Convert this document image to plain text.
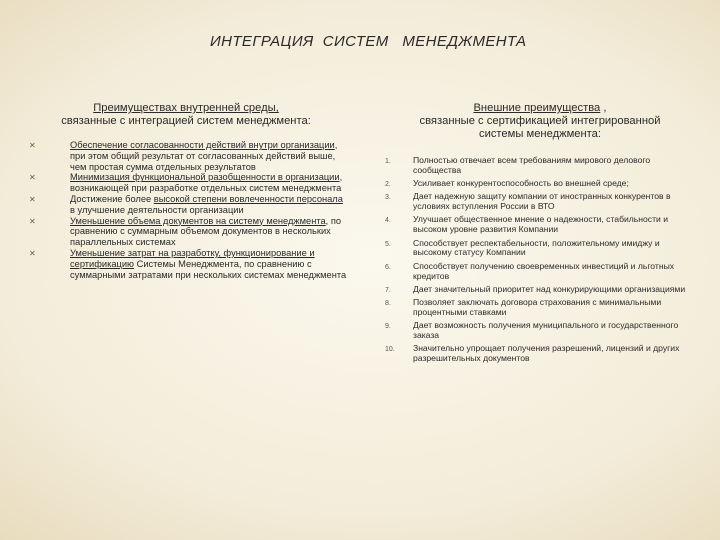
ИНТЕГРАЦИЯ  СИСТЕМ   МЕНЕДЖМЕНТА
Преимуществах внутренней среды,
связанные с интеграцией систем менеджмента:
✕	Обеспечение согласованности действий внутри организации, при этом общий результат от согласованных действий выше, чем простая сумма отдельных результатов
✕	Минимизация функциональной разобщенности в организации, возникающей при разработке отдельных систем менеджмента
✕	Достижение более высокой степени вовлеченности персонала в улучшение деятельности организации
✕	Уменьшение объема документов на систему менеджмента, по сравнению с суммарным объемом документов в нескольких параллельных системах
✕	Уменьшение затрат на разработку, функционирование и сертификацию Системы Менеджмента, по сравнению с суммарными затратами при нескольких системах менеджмента
Внешние преимущества ,
связанные с сертификацией интегрированной
системы менеджмента:
1.	Полностью отвечает всем требованиям мирового делового сообщества
2.	Усиливает конкурентоспособность во внешней среде;
3.	Дает надежную защиту компании от иностранных конкурентов в условиях вступления России в ВТО
4.	Улучшает общественное мнение о надежности, стабильности и высоком уровне развития Компании
5.	Способствует респектабельности, положительному имиджу и высокому статусу Компании
6.	Способствует получению своевременных инвестиций и льготных кредитов
7.	Дает значительный приоритет над конкурирующими организациями
8.	Позволяет заключать договора страхования с минимальными процентными ставками
9.	Дает возможность получения муниципального и государственного заказа
10. Значительно упрощает получения разрешений, лицензий и других разрешительных документов
